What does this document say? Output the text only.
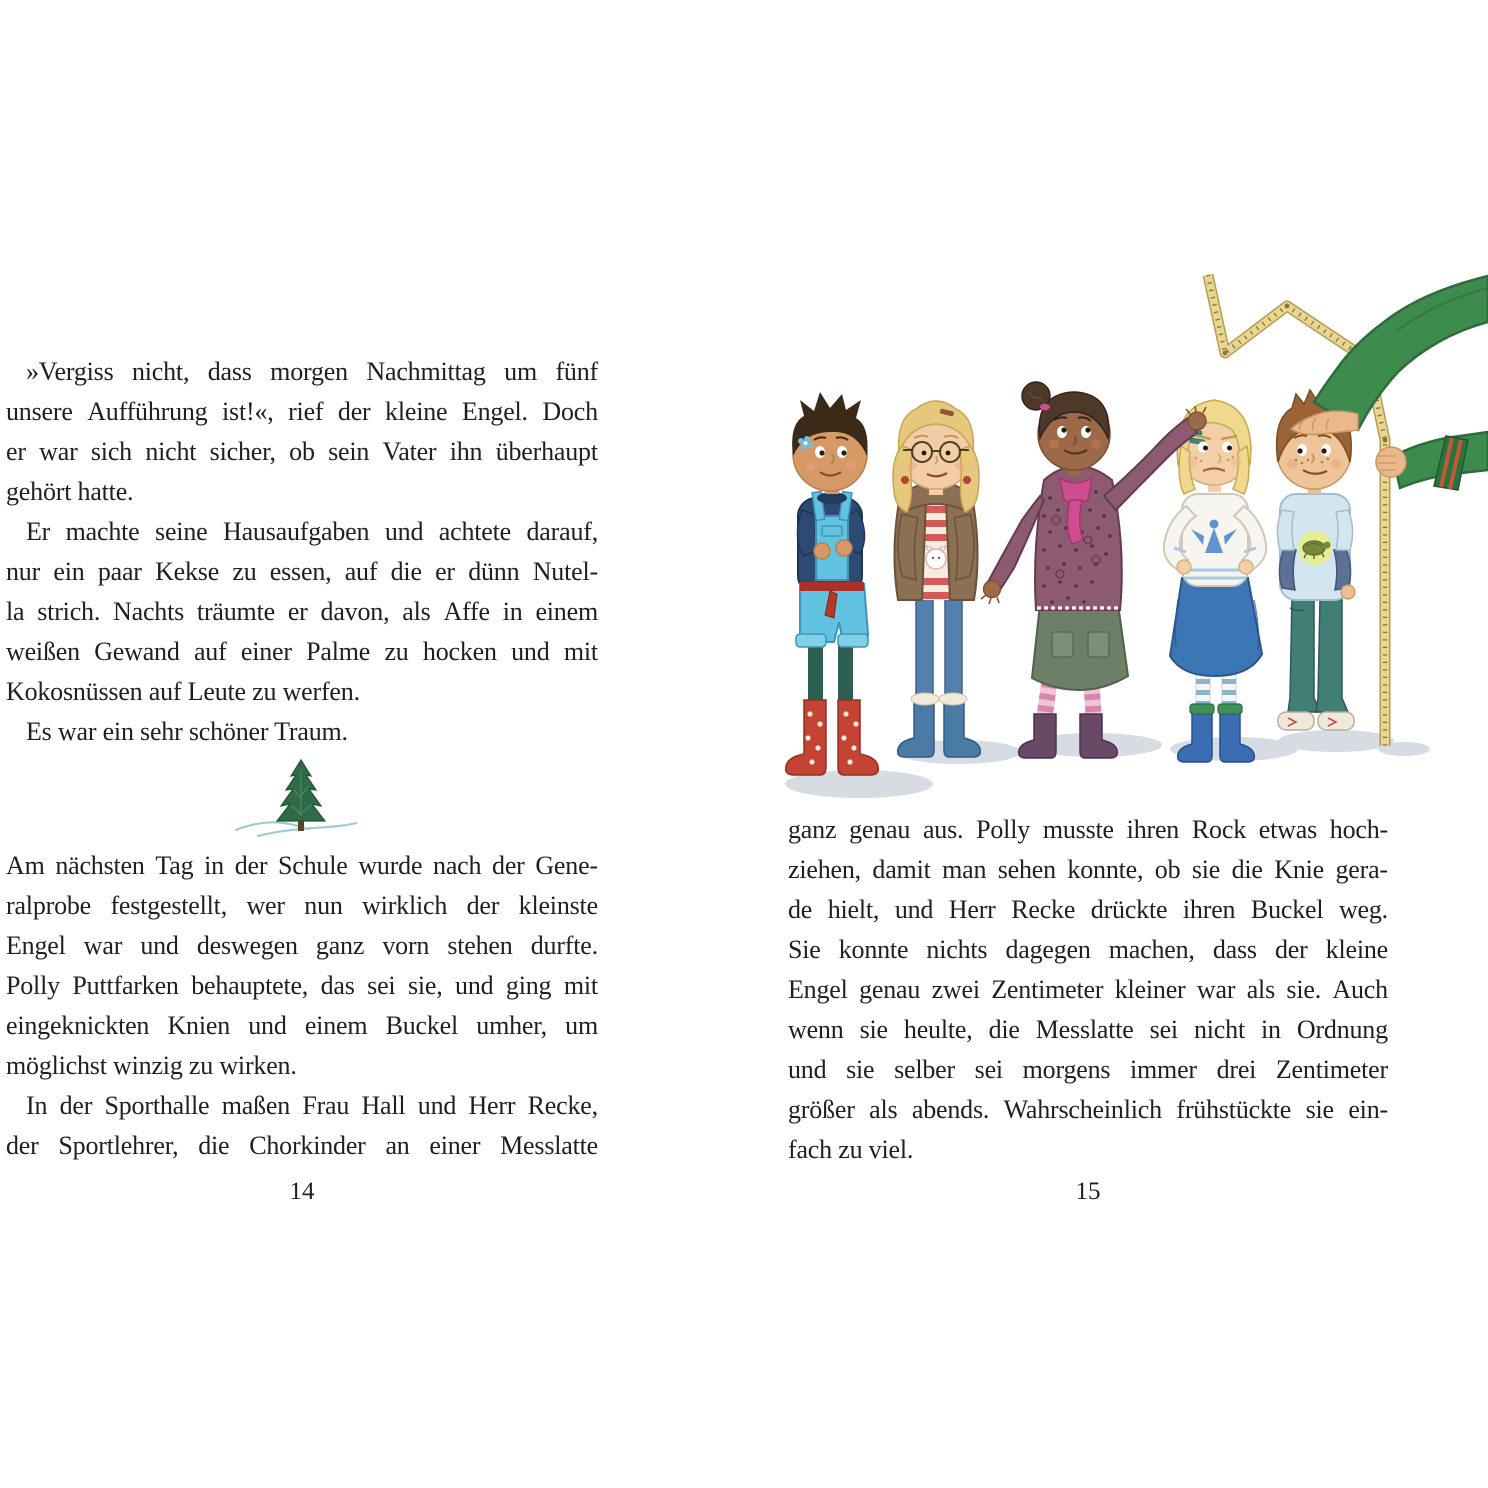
»Vergiss nicht, dass morgen Nachmittag um fünf
unsere Aufführung ist!«, rief der kleine Engel. Doch
er war sich nicht sicher, ob sein Vater ihn überhaupt
gehört hatte.
Er machte seine Hausaufgaben und achtete darauf,
nur ein paar Kekse zu essen, auf die er dünn Nutel-
la strich. Nachts träumte er davon, als Affe in einem
weißen Gewand auf einer Palme zu hocken und mit
Kokosnüssen auf Leute zu werfen.
Es war ein sehr schöner Traum.
Am nächsten Tag in der Schule wurde nach der Gene-
ralprobe festgestellt, wer nun wirklich der kleinste
Engel war und deswegen ganz vorn stehen durfte.
Polly Puttfarken behauptete, das sei sie, und ging mit
eingeknickten Knien und einem Buckel umher, um
möglichst winzig zu wirken.
In der Sporthalle maßen Frau Hall und Herr Recke,
der Sportlehrer, die Chorkinder an einer Messlatte
14
ganz genau aus. Polly musste ihren Rock etwas hoch-
ziehen, damit man sehen konnte, ob sie die Knie gera-
de hielt, und Herr Recke drückte ihren Buckel weg.
Sie konnte nichts dagegen machen, dass der kleine
Engel genau zwei Zentimeter kleiner war als sie. Auch
wenn sie heulte, die Messlatte sei nicht in Ordnung
und sie selber sei morgens immer drei Zentimeter
größer als abends. Wahrscheinlich frühstückte sie ein-
fach zu viel.
15
